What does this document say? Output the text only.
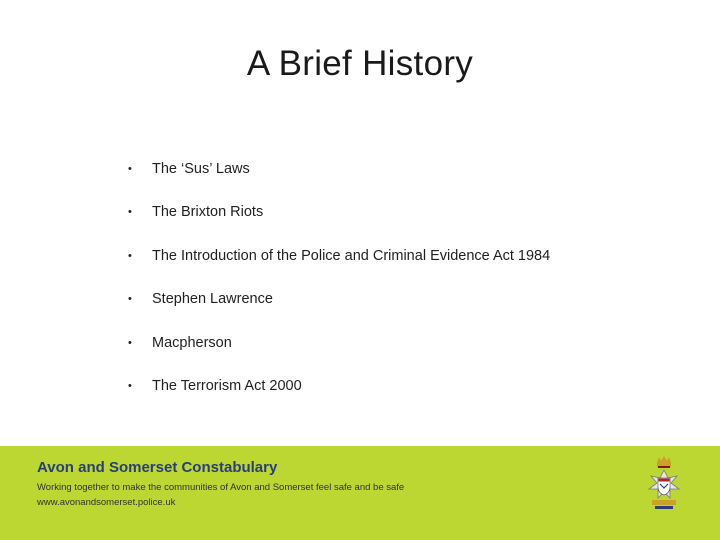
A Brief History
•	The ‘Sus’ Laws
•	The Brixton Riots
•	The Introduction of the Police and Criminal Evidence Act 1984
•	Stephen Lawrence
•	Macpherson
•	The Terrorism Act 2000
Avon and Somerset Constabulary
Working together to make the communities of Avon and Somerset feel safe and be safe
www.avonandsomerset.police.uk
